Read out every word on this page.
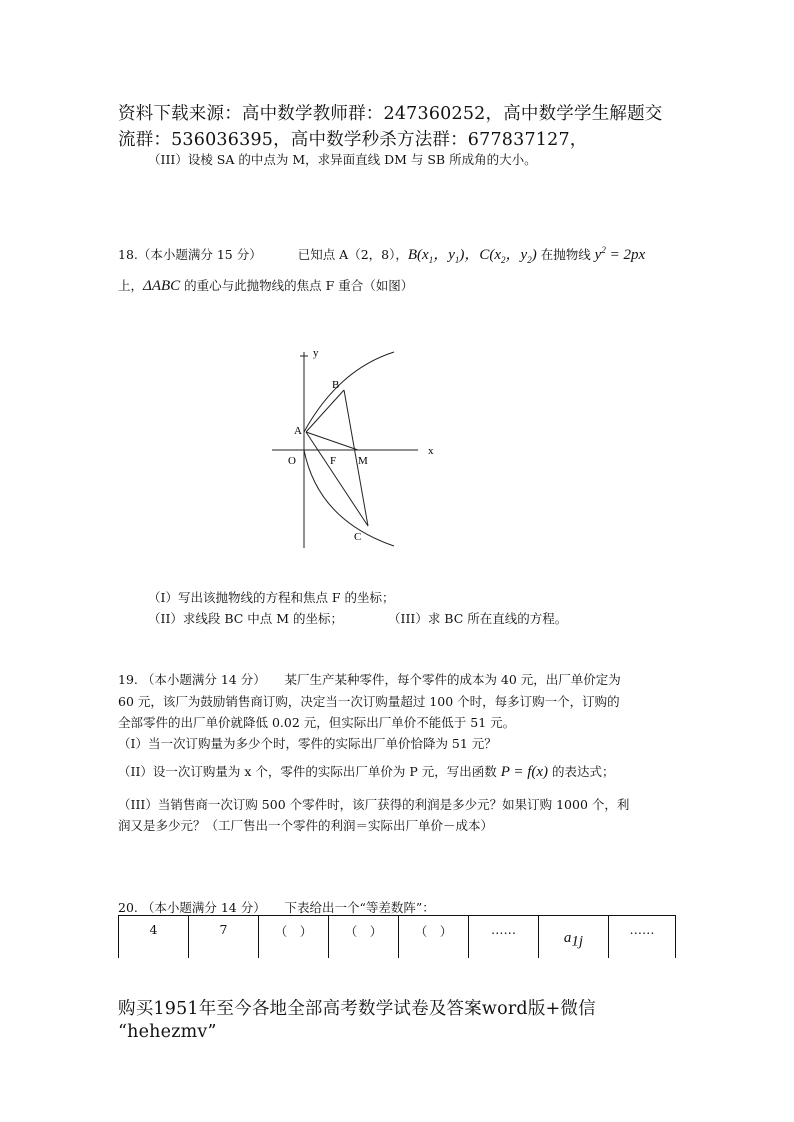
资料下载来源：高中数学教师群：247360252，高中数学学生解题交
流群：536036395，高中数学秒杀方法群：677837127，
（III）设棱 SA 的中点为 M，求异面直线 DM 与 SB 所成角的大小。
18.（本小题满分 15 分）	已知点 A（2，8），$B(x_1$，$y_1$)，$C(x_2$，$y_2$) 在抛物线 $y^2 = 2px$
上，ΔABC 的重心与此抛物线的焦点 F 重合（如图）
y
x
A
B
C
O	F M
（I）写出该抛物线的方程和焦点 F 的坐标；
（II）求线段 BC 中点 M 的坐标；	（III）求 BC 所在直线的方程。
19. （本小题满分 14 分）　　某厂生产某种零件，每个零件的成本为 40 元，出厂单价定为
60 元，该厂为鼓励销售商订购，决定当一次订购量超过 100 个时，每多订购一个，订购的
全部零件的出厂单价就降低 0.02 元，但实际出厂单价不能低于 51 元。
（I）当一次订购量为多少个时，零件的实际出厂单价恰降为 51 元？
（II）设一次订购量为 x 个，零件的实际出厂单价为 P 元，写出函数 P = f(x) 的表达式；
（III）当销售商一次订购 500 个零件时，该厂获得的利润是多少元？如果订购 1000 个，利
润又是多少元？（工厂售出一个零件的利润＝实际出厂单价－成本）
20. （本小题满分 14 分）　　下表给出一个“等差数阵”：
4	7	（　）	（　）	（　）	……	$a_{1j}$	……
购买1951年至今各地全部高考数学试卷及答案word版+微信
“hehezmv”
